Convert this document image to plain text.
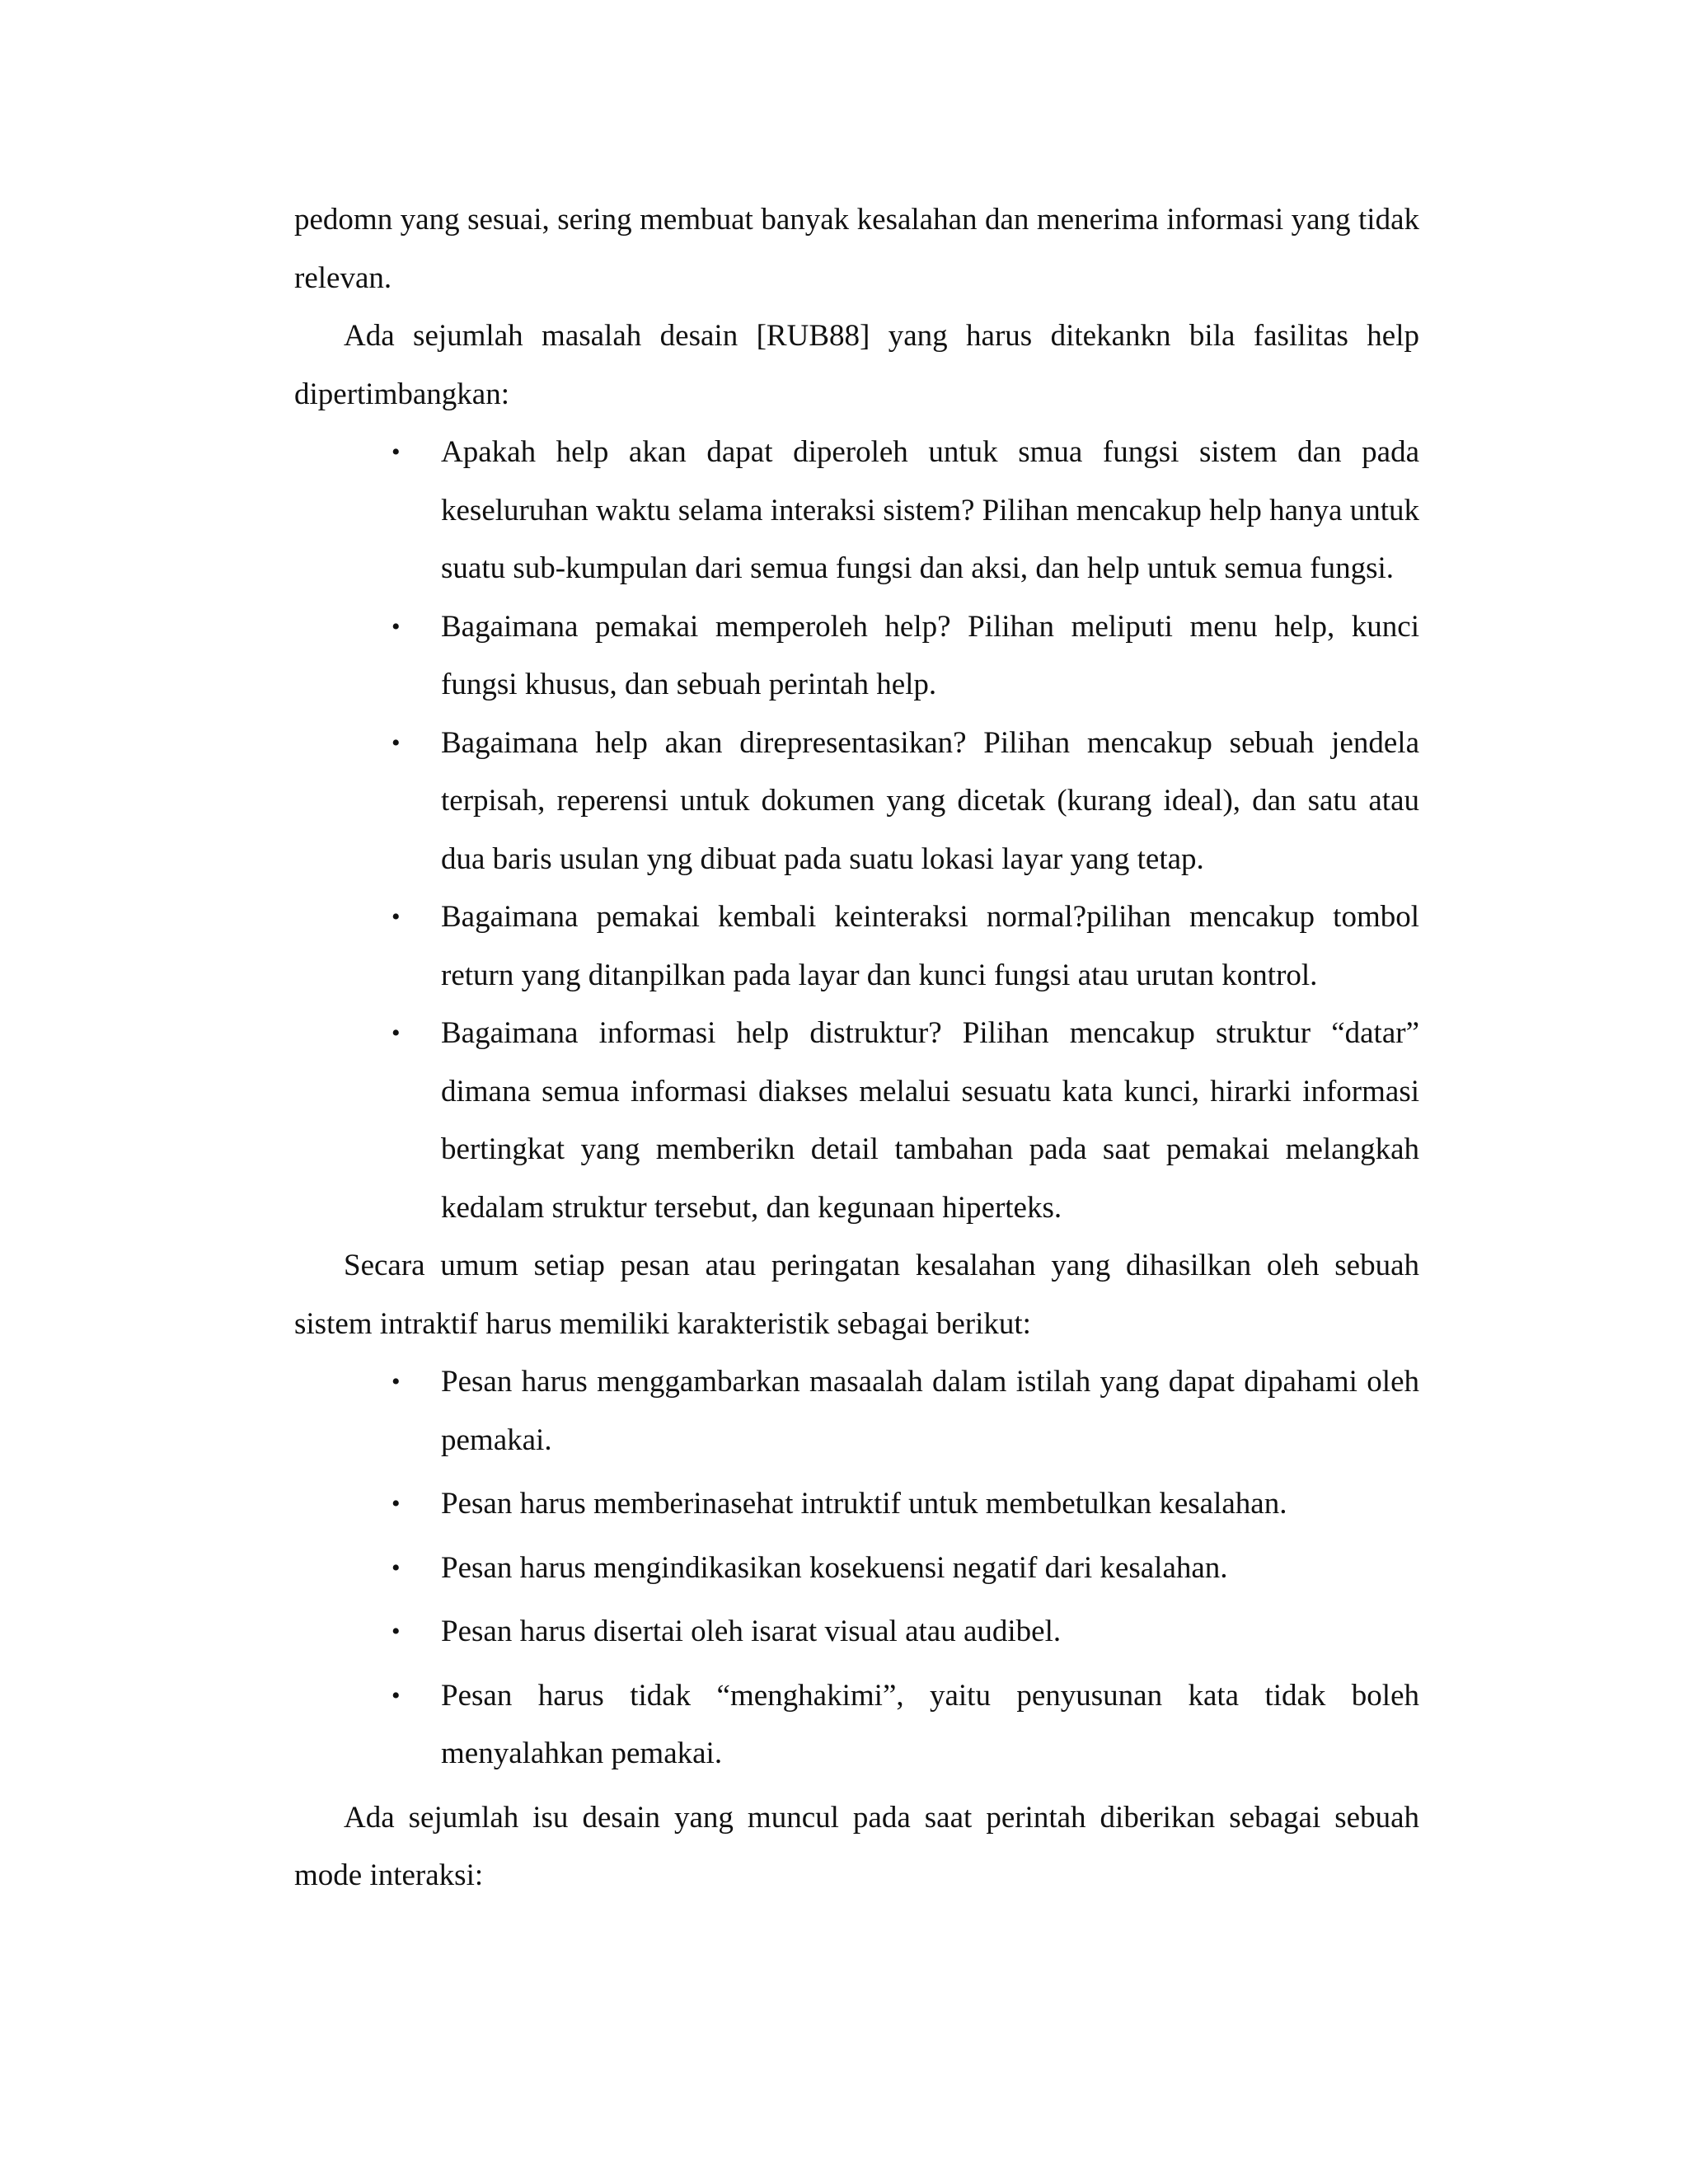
pedomn yang sesuai, sering membuat banyak kesalahan dan menerima informasi yang tidak relevan.

Ada sejumlah masalah desain [RUB88] yang harus ditekankn bila fasilitas help dipertimbangkan:

• Apakah help akan dapat diperoleh untuk smua fungsi sistem dan pada keseluruhan waktu selama interaksi sistem? Pilihan mencakup help hanya untuk suatu sub-kumpulan dari semua fungsi dan aksi, dan help untuk semua fungsi.
• Bagaimana pemakai memperoleh help? Pilihan meliputi menu help, kunci fungsi khusus, dan sebuah perintah help.
• Bagaimana help akan direpresentasikan? Pilihan mencakup sebuah jendela terpisah, reperensi untuk dokumen yang dicetak (kurang ideal), dan satu atau dua baris usulan yng dibuat pada suatu lokasi layar yang tetap.
• Bagaimana pemakai kembali keinteraksi normal?pilihan mencakup tombol return yang ditanpilkan pada layar dan kunci fungsi atau urutan kontrol.
• Bagaimana informasi help distruktur? Pilihan mencakup struktur “datar” dimana semua informasi diakses melalui sesuatu kata kunci, hirarki informasi bertingkat yang memberikn detail tambahan pada saat pemakai melangkah kedalam struktur tersebut, dan kegunaan hiperteks.

Secara umum setiap pesan atau peringatan kesalahan yang dihasilkan oleh sebuah sistem intraktif harus memiliki karakteristik sebagai berikut:

• Pesan harus menggambarkan masaalah dalam istilah yang dapat dipahami oleh pemakai.
• Pesan harus memberinasehat intruktif untuk membetulkan kesalahan.
• Pesan harus mengindikasikan kosekuensi negatif dari kesalahan.
• Pesan harus disertai oleh isarat visual atau audibel.
• Pesan harus tidak “menghakimi”, yaitu penyusunan kata tidak boleh menyalahkan pemakai.

Ada sejumlah isu desain yang muncul pada saat perintah diberikan sebagai sebuah mode interaksi:
